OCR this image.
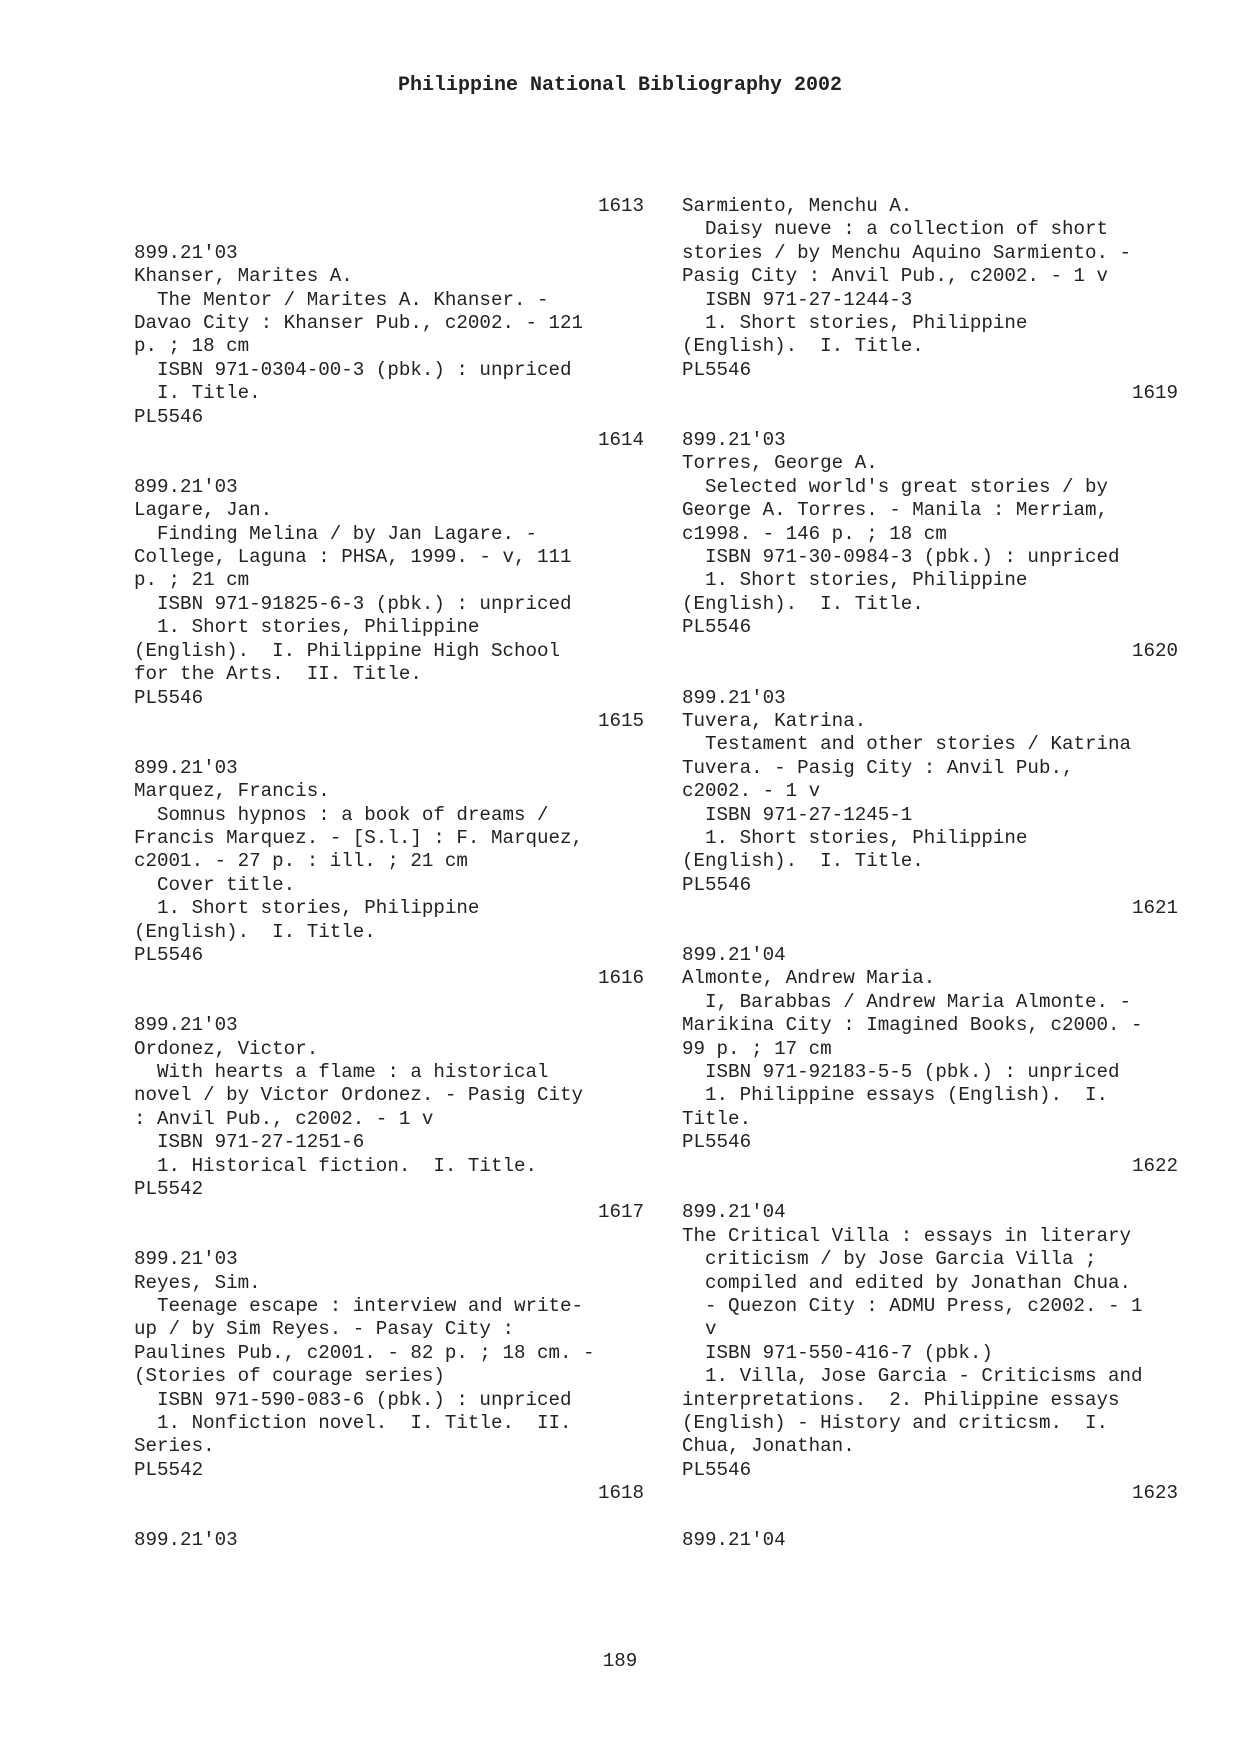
Philippine National Bibliography 2002
1613
899.21'03
Khanser, Marites A.
The Mentor / Marites A. Khanser. -
Davao City : Khanser Pub., c2002. - 121
p. ; 18 cm
ISBN 971-0304-00-3 (pbk.) : unpriced
I. Title.
PL5546
1614
899.21'03
Lagare, Jan.
Finding Melina / by Jan Lagare. -
College, Laguna : PHSA, 1999. - v, 111
p. ; 21 cm
ISBN 971-91825-6-3 (pbk.) : unpriced
1. Short stories, Philippine
(English).  I. Philippine High School
for the Arts.  II. Title.
PL5546
1615
899.21'03
Marquez, Francis.
Somnus hypnos : a book of dreams /
Francis Marquez. - [S.l.] : F. Marquez,
c2001. - 27 p. : ill. ; 21 cm
Cover title.
1. Short stories, Philippine
(English).  I. Title.
PL5546
1616
899.21'03
Ordonez, Victor.
With hearts a flame : a historical
novel / by Victor Ordonez. - Pasig City
: Anvil Pub., c2002. - 1 v
ISBN 971-27-1251-6
1. Historical fiction.  I. Title.
PL5542
1617
899.21'03
Reyes, Sim.
Teenage escape : interview and write-
up / by Sim Reyes. - Pasay City :
Paulines Pub., c2001. - 82 p. ; 18 cm. -
(Stories of courage series)
ISBN 971-590-083-6 (pbk.) : unpriced
1. Nonfiction novel.  I. Title.  II.
Series.
PL5542
1618
899.21'03
Sarmiento, Menchu A.
Daisy nueve : a collection of short
stories / by Menchu Aquino Sarmiento. -
Pasig City : Anvil Pub., c2002. - 1 v
ISBN 971-27-1244-3
1. Short stories, Philippine
(English).  I. Title.
PL5546
1619
899.21'03
Torres, George A.
Selected world's great stories / by
George A. Torres. - Manila : Merriam,
c1998. - 146 p. ; 18 cm
ISBN 971-30-0984-3 (pbk.) : unpriced
1. Short stories, Philippine
(English).  I. Title.
PL5546
1620
899.21'03
Tuvera, Katrina.
Testament and other stories / Katrina
Tuvera. - Pasig City : Anvil Pub.,
c2002. - 1 v
ISBN 971-27-1245-1
1. Short stories, Philippine
(English).  I. Title.
PL5546
1621
899.21'04
Almonte, Andrew Maria.
I, Barabbas / Andrew Maria Almonte. -
Marikina City : Imagined Books, c2000. -
99 p. ; 17 cm
ISBN 971-92183-5-5 (pbk.) : unpriced
1. Philippine essays (English).  I.
Title.
PL5546
1622
899.21'04
The Critical Villa : essays in literary
criticism / by Jose Garcia Villa ;
compiled and edited by Jonathan Chua.
- Quezon City : ADMU Press, c2002. - 1
v
ISBN 971-550-416-7 (pbk.)
1. Villa, Jose Garcia - Criticisms and
interpretations.  2. Philippine essays
(English) - History and criticsm.  I.
Chua, Jonathan.
PL5546
1623
899.21'04
189
